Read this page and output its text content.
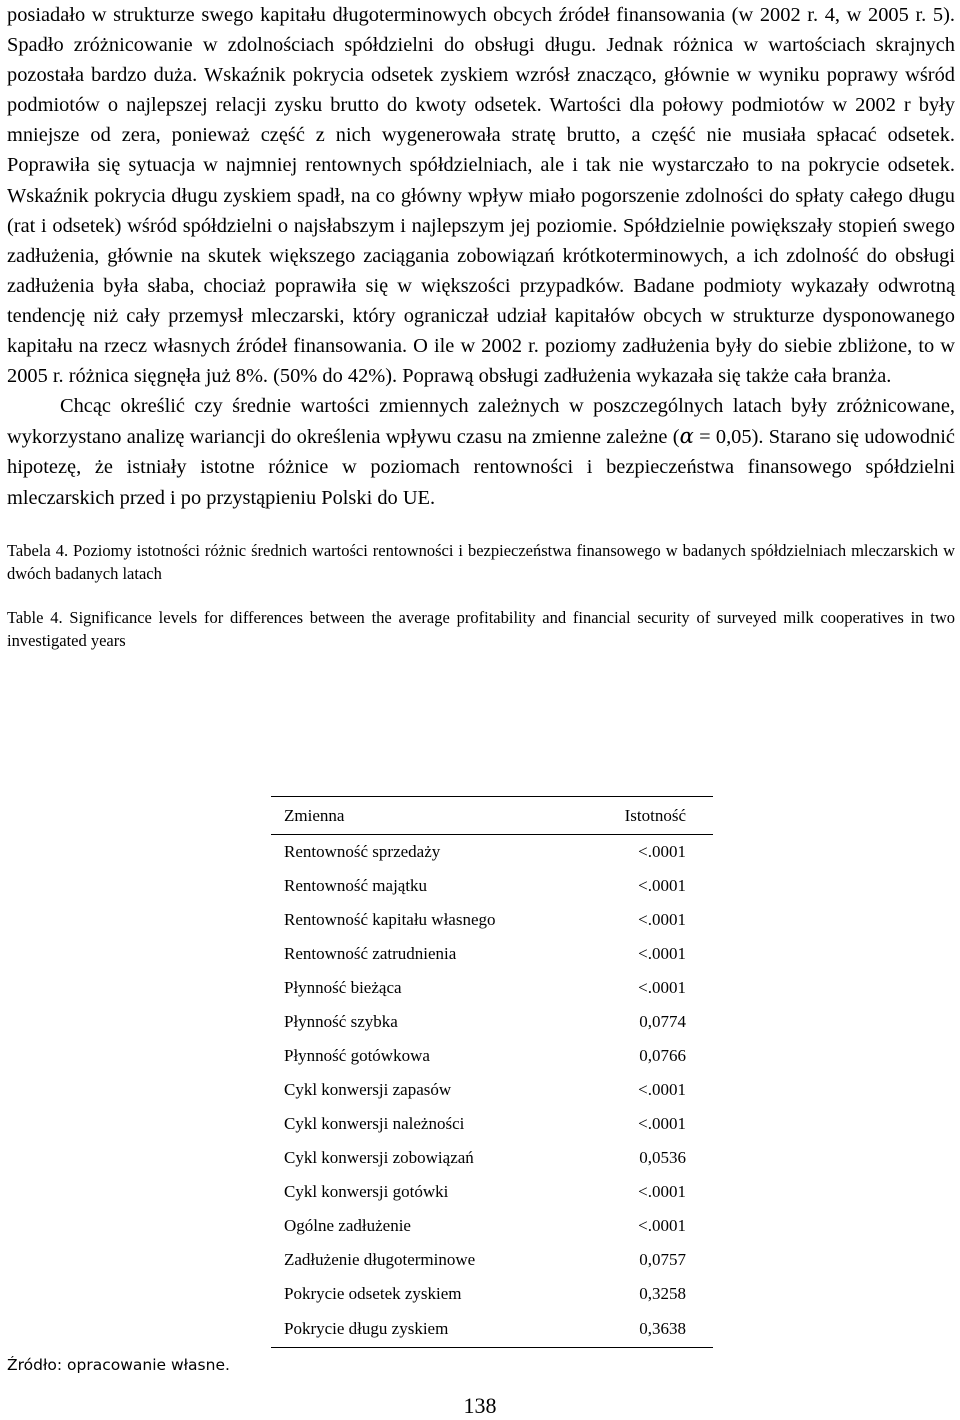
posiadało w strukturze swego kapitału długoterminowych obcych źródeł finansowania (w 2002 r. 4, w 2005 r. 5). Spadło zróżnicowanie w zdolnościach spółdzielni do obsługi długu. Jednak różnica w wartościach skrajnych pozostała bardzo duża. Wskaźnik pokrycia odsetek zyskiem wzrósł znacząco, głównie w wyniku poprawy wśród podmiotów o najlepszej relacji zysku brutto do kwoty odsetek. Wartości dla połowy podmiotów w 2002 r były mniejsze od zera, ponieważ część z nich wygenerowała stratę brutto, a część nie musiała spłacać odsetek. Poprawiła się sytuacja w najmniej rentownych spółdzielniach, ale i tak nie wystarczało to na pokrycie odsetek. Wskaźnik pokrycia długu zyskiem spadł, na co główny wpływ miało pogorszenie zdolności do spłaty całego długu (rat i odsetek) wśród spółdzielni o najsłabszym i najlepszym jej poziomie. Spółdzielnie powiększały stopień swego zadłużenia, głównie na skutek większego zaciągania zobowiązań krótkoterminowych, a ich zdolność do obsługi zadłużenia była słaba, chociaż poprawiła się w większości przypadków. Badane podmioty wykazały odwrotną tendencję niż cały przemysł mleczarski, który ograniczał udział kapitałów obcych w strukturze dysponowanego kapitału na rzecz własnych źródeł finansowania. O ile w 2002 r. poziomy zadłużenia były do siebie zbliżone, to w 2005 r. różnica sięgnęła już 8%. (50% do 42%). Poprawą obsługi zadłużenia wykazała się także cała branża.

Chcąc określić czy średnie wartości zmiennych zależnych w poszczególnych latach były zróżnicowane, wykorzystano analizę wariancji do określenia wpływu czasu na zmienne zależne (α = 0,05). Starano się udowodnić hipotezę, że istniały istotne różnice w poziomach rentowności i bezpieczeństwa finansowego spółdzielni mleczarskich przed i po przystąpieniu Polski do UE.

Tabela 4. Poziomy istotności różnic średnich wartości rentowności i bezpieczeństwa finansowego w badanych spółdzielniach mleczarskich w dwóch badanych latach

Table 4. Significance levels for differences between the average profitability and financial security of surveyed milk cooperatives in two investigated years

Zmienna	Istotność
Rentowność sprzedaży	<.0001
Rentowność majątku	<.0001
Rentowność kapitału własnego	<.0001
Rentowność zatrudnienia	<.0001
Płynność bieżąca	<.0001
Płynność szybka	0,0774
Płynność gotówkowa	0,0766
Cykl konwersji zapasów	<.0001
Cykl konwersji należności	<.0001
Cykl konwersji zobowiązań	0,0536
Cykl konwersji gotówki	<.0001
Ogólne zadłużenie	<.0001
Zadłużenie długoterminowe	0,0757
Pokrycie odsetek zyskiem	0,3258
Pokrycie długu zyskiem	0,3638
Źródło: opracowanie własne.
138
